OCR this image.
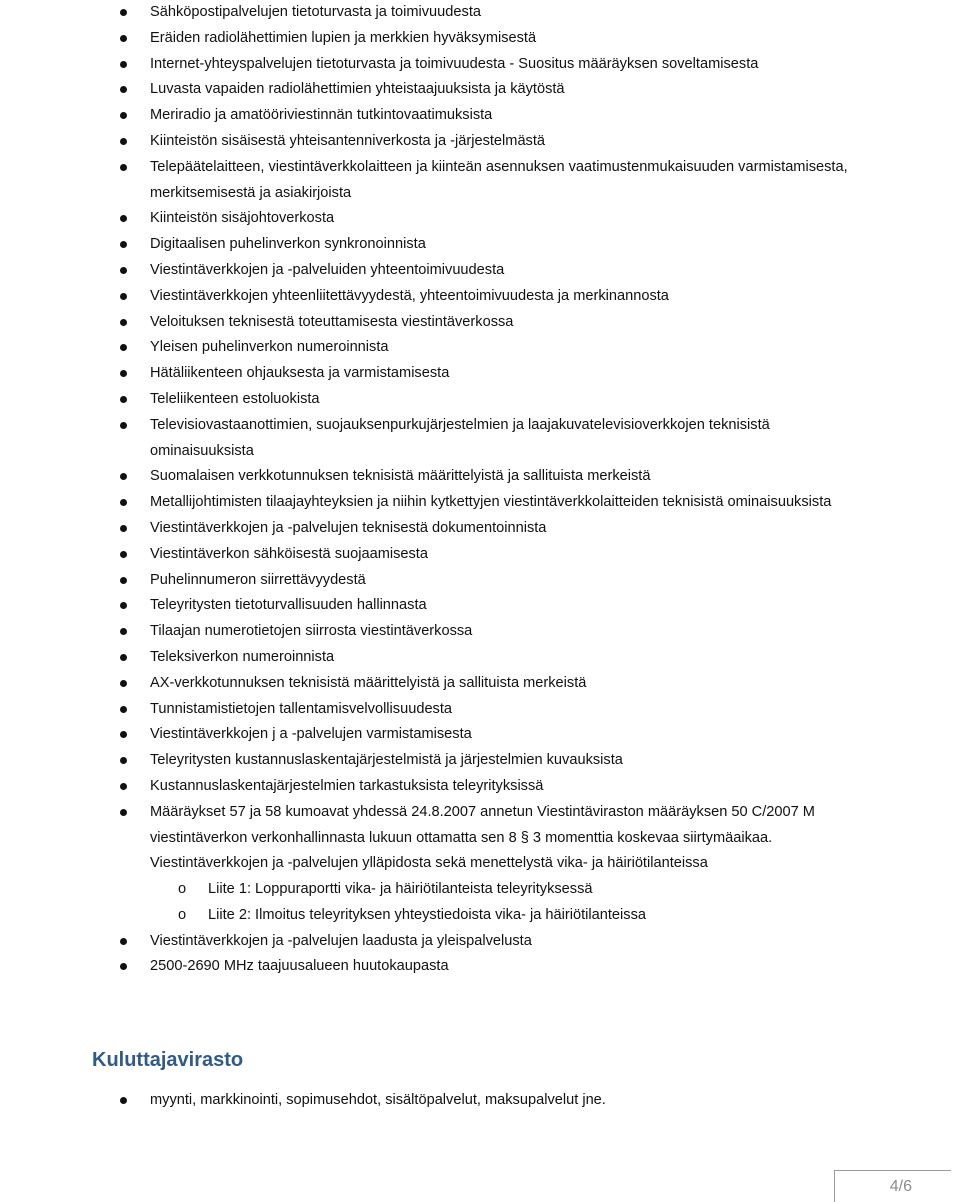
Sähköpostipalvelujen tietoturvasta ja toimivuudesta
Eräiden radiolähettimien lupien ja merkkien hyväksymisestä
Internet-yhteyspalvelujen tietoturvasta ja toimivuudesta - Suositus määräyksen soveltamisesta
Luvasta vapaiden radiolähettimien yhteistaajuuksista ja käytöstä
Meriradio ja amatööriviestinnän tutkintovaatimuksista
Kiinteistön sisäisestä yhteisantenniverkosta ja -järjestelmästä
Telepäätelaitteen, viestintäverkkolaitteen ja kiinteän asennuksen vaatimustenmukaisuuden varmistamisesta, merkitsemisestä ja asiakirjoista
Kiinteistön sisäjohtoverkosta
Digitaalisen puhelinverkon synkronoinnista
Viestintäverkkojen ja -palveluiden yhteentoimivuudesta
Viestintäverkkojen yhteenliitettävyydestä, yhteentoimivuudesta ja merkinannosta
Veloituksen teknisestä toteuttamisesta viestintäverkossa
Yleisen puhelinverkon numeroinnista
Hätäliikenteen ohjauksesta ja varmistamisesta
Teleliikenteen estoluokista
Televisiovastaanottimien, suojauksenpurkujärjestelmien ja laajakuvatelevisioverkkojen teknisistä ominaisuuksista
Suomalaisen verkkotunnuksen teknisistä määrittelyistä ja sallituista merkeistä
Metallijohtimisten tilaajayhteyksien ja niihin kytkettyjen viestintäverkkolaitteiden teknisistä ominaisuuksista
Viestintäverkkojen ja -palvelujen teknisestä dokumentoinnista
Viestintäverkon sähköisestä suojaamisesta
Puhelinnumeron siirrettävyydestä
Teleyritysten tietoturvallisuuden hallinnasta
Tilaajan numerotietojen siirrosta viestintäverkossa
Teleksiverkon numeroinnista
AX-verkkotunnuksen teknisistä määrittelyistä ja sallituista merkeistä
Tunnistamistietojen tallentamisvelvollisuudesta
Viestintäverkkojen j a -palvelujen varmistamisesta
Teleyritysten kustannuslaskentajärjestelmistä ja järjestelmien kuvauksista
Kustannuslaskentajärjestelmien tarkastuksista teleyrityksissä
Määräykset 57 ja 58 kumoavat yhdessä 24.8.2007 annetun Viestintäviraston määräyksen 50 C/2007 M viestintäverkon verkonhallinnasta lukuun ottamatta sen 8 § 3 momenttia koskevaa siirtymäaikaa. Viestintäverkkojen ja -palvelujen ylläpidosta sekä menettelystä vika- ja häiriötilanteissa
o Liite 1: Loppuraportti vika- ja häiriötilanteista teleyrityksessä
o Liite 2: Ilmoitus teleyrityksen yhteystiedoista vika- ja häiriötilanteissa
Viestintäverkkojen ja -palvelujen laadusta ja yleispalvelusta
2500-2690 MHz taajuusalueen huutokaupasta
Kuluttajavirasto
myynti, markkinointi, sopimusehdot, sisältöpalvelut, maksupalvelut jne.
4/6
